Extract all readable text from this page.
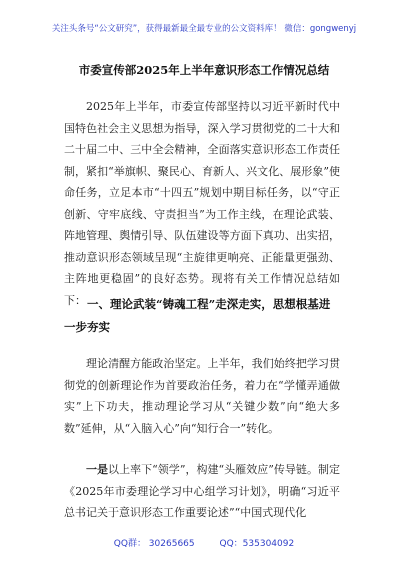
关注头条号“公文研究”，获得最新最全最专业的公文资料库！ 微信：gongwenyj
市委宣传部2025年上半年意识形态工作情况总结

2025年上半年，市委宣传部坚持以习近平新时代中国特色社会主义思想为指导，深入学习贯彻党的二十大和二十届二中、三中全会精神，全面落实意识形态工作责任制，紧扣“举旗帜、聚民心、育新人、兴文化、展形象”使命任务，立足本市“十四五”规划中期目标任务，以“守正创新、守牢底线、守责担当”为工作主线，在理论武装、阵地管理、舆情引导、队伍建设等方面下真功、出实招，推动意识形态领域呈现“主旋律更响亮、正能量更强劲、主阵地更稳固”的良好态势。现将有关工作情况总结如下： 一、理论武装“铸魂工程”走深走实，思想根基进一步夯实

理论清醒方能政治坚定。上半年，我们始终把学习贯彻党的创新理论作为首要政治任务，着力在“学懂弄通做实”上下功夫，推动理论学习从“关键少数”向“绝大多数”延伸，从“入脑入心”向“知行合一”转化。

一是以上率下“领学”，构建“头雁效应”传导链。制定《2025年市委理论学习中心组学习计划》，明确“习近平总书记关于意识形态工作重要论述”“中国式现代化

QQ群： 30265665	QQ：535304092
